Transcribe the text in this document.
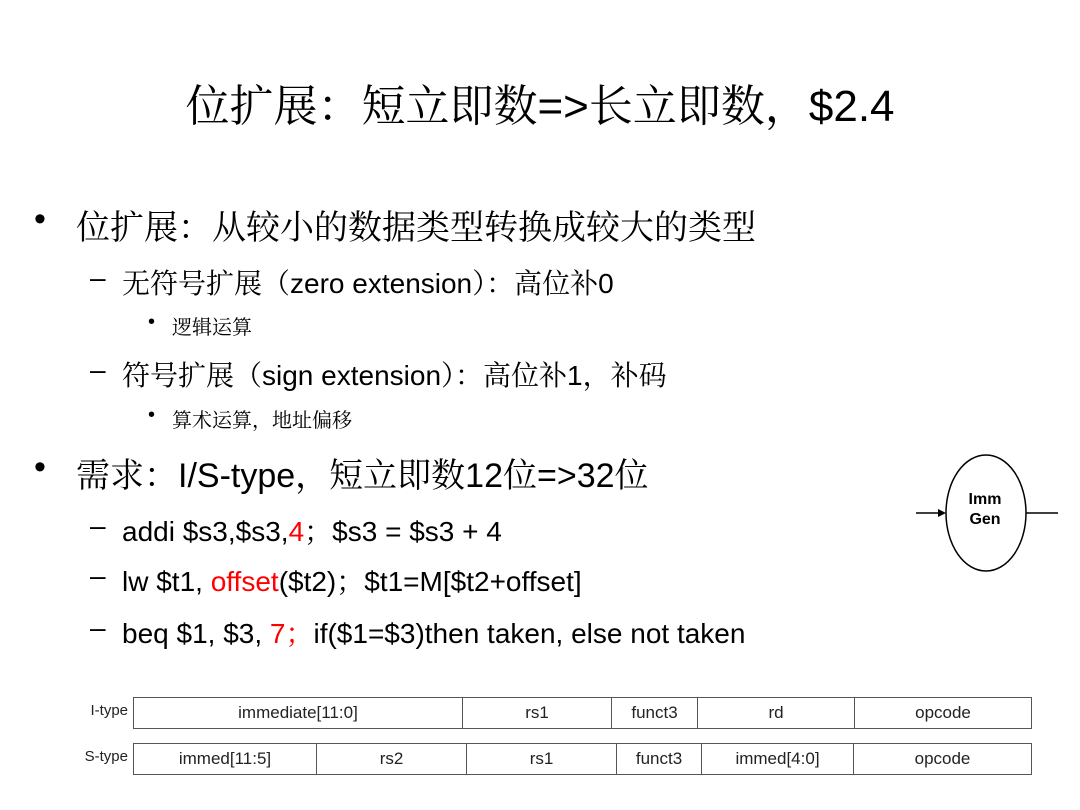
位扩展：短立即数=>长立即数，$2.4
• 位扩展：从较小的数据类型转换成较大的类型
– 无符号扩展（zero extension）：高位补0
• 逻辑运算
– 符号扩展（sign extension）：高位补1，补码
• 算术运算，地址偏移
• 需求：I/S-type，短立即数12位=>32位
– addi $s3,$s3,4；$s3 = $s3 + 4
– lw $t1, offset($t2)；$t1=M[$t2+offset]
– beq $1, $3, 7；if($1=$3)then taken, else not taken
Imm
Gen
I-type	immediate[11:0]	rs1	funct3	rd	opcode
S-type	immed[11:5]	rs2	rs1	funct3	immed[4:0]	opcode
